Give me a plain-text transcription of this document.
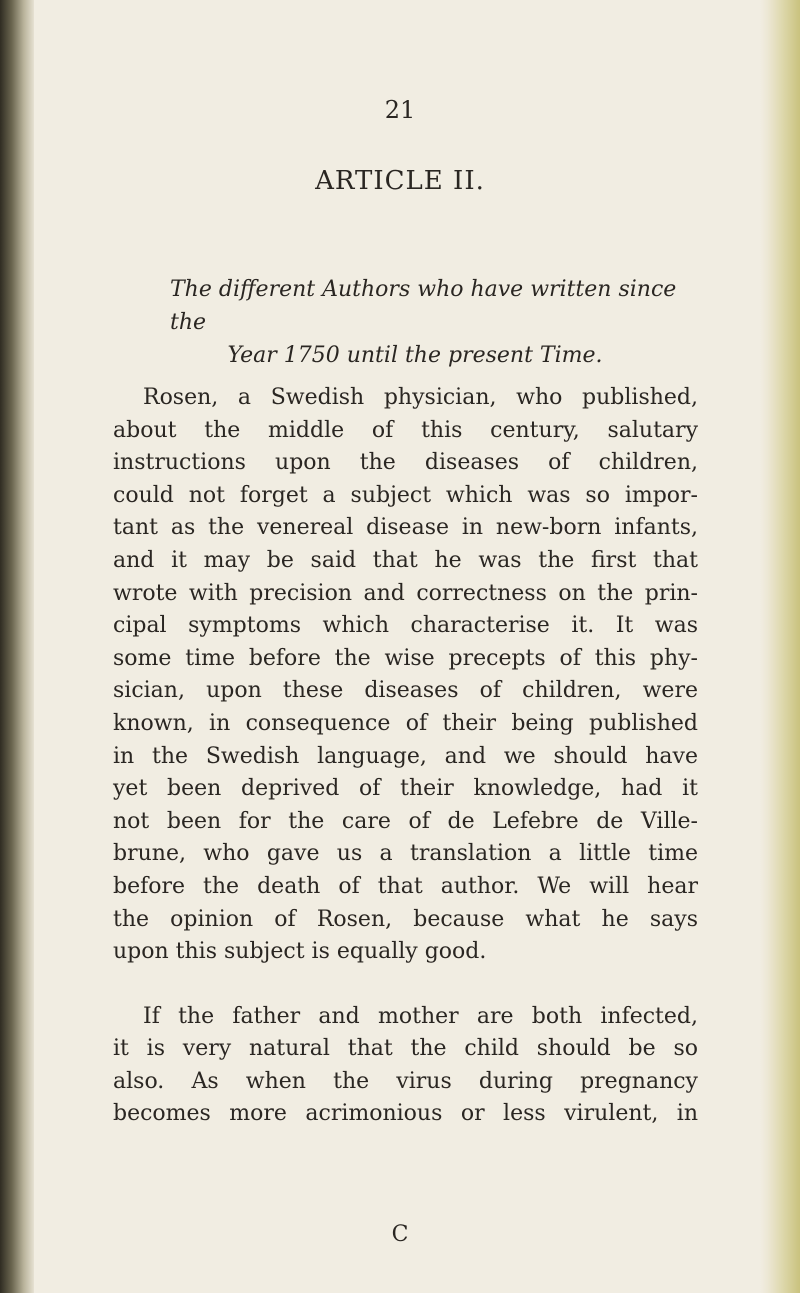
21
ARTICLE II.
The different Authors who have written since the
Year 1750 until the present Time.
Rosen, a Swedish physician, who published,
about the middle of this century, salutary
instructions upon the diseases of children,
could not forget a subject which was so impor-
tant as the venereal disease in new-born infants,
and it may be said that he was the first that
wrote with precision and correctness on the prin-
cipal symptoms which characterise it. It was
some time before the wise precepts of this phy-
sician, upon these diseases of children, were
known, in consequence of their being published
in the Swedish language, and we should have
yet been deprived of their knowledge, had it
not been for the care of de Lefebre de Ville-
brune, who gave us a translation a little time
before the death of that author. We will hear
the opinion of Rosen, because what he says
upon this subject is equally good.
If the father and mother are both infected,
it is very natural that the child should be so
also. As when the virus during pregnancy
becomes more acrimonious or less virulent, in
C
